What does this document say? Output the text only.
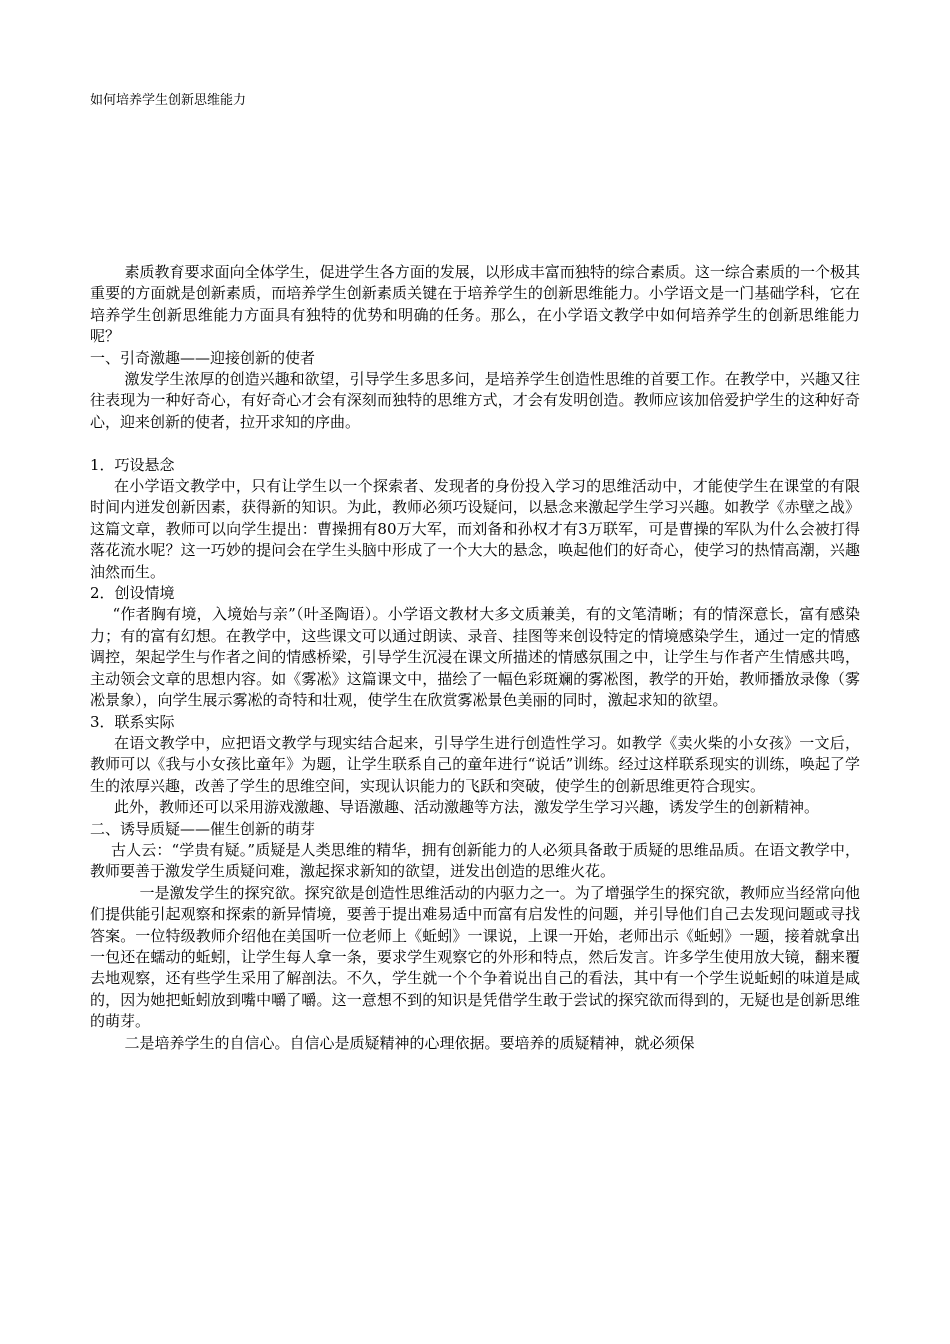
如何培养学生创新思维能力

素质教育要求面向全体学生，促进学生各方面的发展，以形成丰富而独特的综合素质。这一综合素质的一个极其重要的方面就是创新素质，而培养学生创新素质关键在于培养学生的创新思维能力。小学语文是一门基础学科，它在培养学生创新思维能力方面具有独特的优势和明确的任务。那么，在小学语文教学中如何培养学生的创新思维能力呢？

一、引奇激趣——迎接创新的使者

激发学生浓厚的创造兴趣和欲望，引导学生多思多问，是培养学生创造性思维的首要工作。在教学中，兴趣又往往表现为一种好奇心，有好奇心才会有深刻而独特的思维方式，才会有发明创造。教师应该加倍爱护学生的这种好奇心，迎来创新的使者，拉开求知的序曲。

1．巧设悬念

在小学语文教学中，只有让学生以一个探索者、发现者的身份投入学习的思维活动中，才能使学生在课堂的有限时间内迸发创新因素，获得新的知识。为此，教师必须巧设疑问，以悬念来激起学生学习兴趣。如教学《赤壁之战》这篇文章，教师可以向学生提出：曹操拥有80万大军，而刘备和孙权才有3万联军，可是曹操的军队为什么会被打得落花流水呢？这一巧妙的提问会在学生头脑中形成了一个大大的悬念，唤起他们的好奇心，使学习的热情高潮，兴趣油然而生。

2．创设情境

“作者胸有境，入境始与亲”（叶圣陶语）。小学语文教材大多文质兼美，有的文笔清晰；有的情深意长，富有感染力；有的富有幻想。在教学中，这些课文可以通过朗读、录音、挂图等来创设特定的情境感染学生，通过一定的情感调控，架起学生与作者之间的情感桥梁，引导学生沉浸在课文所描述的情感氛围之中，让学生与作者产生情感共鸣，主动领会文章的思想内容。如《雾凇》这篇课文中，描绘了一幅色彩斑斓的雾凇图，教学的开始，教师播放录像（雾凇景象），向学生展示雾凇的奇特和壮观，使学生在欣赏雾凇景色美丽的同时，激起求知的欲望。

3．联系实际

在语文教学中，应把语文教学与现实结合起来，引导学生进行创造性学习。如教学《卖火柴的小女孩》一文后，教师可以《我与小女孩比童年》为题，让学生联系自己的童年进行“说话”训练。经过这样联系现实的训练，唤起了学生的浓厚兴趣，改善了学生的思维空间，实现认识能力的飞跃和突破，使学生的创新思维更符合现实。

此外，教师还可以采用游戏激趣、导语激趣、活动激趣等方法，激发学生学习兴趣，诱发学生的创新精神。

二、诱导质疑——催生创新的萌芽

古人云：“学贵有疑。”质疑是人类思维的精华，拥有创新能力的人必须具备敢于质疑的思维品质。在语文教学中，教师要善于激发学生质疑问难，激起探求新知的欲望，迸发出创造的思维火花。

一是激发学生的探究欲。探究欲是创造性思维活动的内驱力之一。为了增强学生的探究欲，教师应当经常向他们提供能引起观察和探索的新异情境，要善于提出难易适中而富有启发性的问题，并引导他们自己去发现问题或寻找答案。一位特级教师介绍他在美国听一位老师上《蚯蚓》一课说，上课一开始，老师出示《蚯蚓》一题，接着就拿出一包还在蠕动的蚯蚓，让学生每人拿一条，要求学生观察它的外形和特点，然后发言。许多学生使用放大镜，翻来覆去地观察，还有些学生采用了解剖法。不久，学生就一个个争着说出自己的看法，其中有一个学生说蚯蚓的味道是咸的，因为她把蚯蚓放到嘴中嚼了嚼。这一意想不到的知识是凭借学生敢于尝试的探究欲而得到的，无疑也是创新思维的萌芽。

二是培养学生的自信心。自信心是质疑精神的心理依据。要培养的质疑精神，就必须保
